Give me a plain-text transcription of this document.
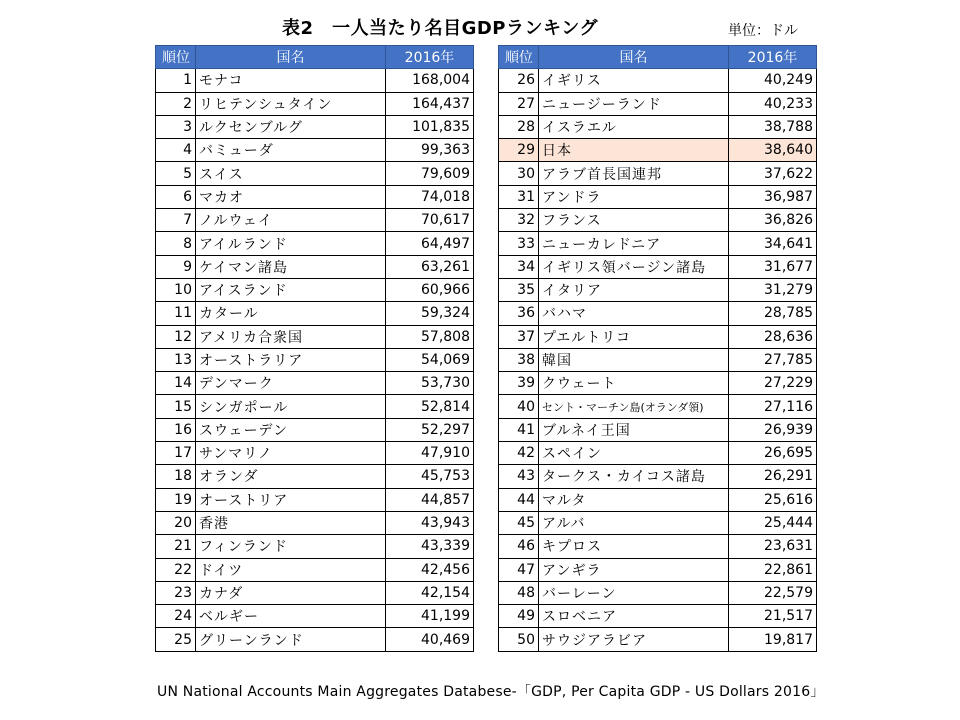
表2　一人当たり名目GDPランキング	単位：ドル
順位	国名	2016年
1	モナコ	168,004
2	リヒテンシュタイン	164,437
3	ルクセンブルグ	101,835
4	バミューダ	99,363
5	スイス	79,609
6	マカオ	74,018
7	ノルウェイ	70,617
8	アイルランド	64,497
9	ケイマン諸島	63,261
10	アイスランド	60,966
11	カタール	59,324
12	アメリカ合衆国	57,808
13	オーストラリア	54,069
14	デンマーク	53,730
15	シンガポール	52,814
16	スウェーデン	52,297
17	サンマリノ	47,910
18	オランダ	45,753
19	オーストリア	44,857
20	香港	43,943
21	フィンランド	43,339
22	ドイツ	42,456
23	カナダ	42,154
24	ベルギー	41,199
25	グリーンランド	40,469
順位	国名	2016年
26	イギリス	40,249
27	ニュージーランド	40,233
28	イスラエル	38,788
29	日本	38,640
30	アラブ首長国連邦	37,622
31	アンドラ	36,987
32	フランス	36,826
33	ニューカレドニア	34,641
34	イギリス領バージン諸島	31,677
35	イタリア	31,279
36	バハマ	28,785
37	プエルトリコ	28,636
38	韓国	27,785
39	クウェート	27,229
40	セント・マーチン島(オランダ領)	27,116
41	ブルネイ王国	26,939
42	スペイン	26,695
43	タークス・カイコス諸島	26,291
44	マルタ	25,616
45	アルバ	25,444
46	キプロス	23,631
47	アンギラ	22,861
48	バーレーン	22,579
49	スロベニア	21,517
50	サウジアラビア	19,817
UN National Accounts Main Aggregates Databese-「GDP, Per Capita GDP - US Dollars 2016」
